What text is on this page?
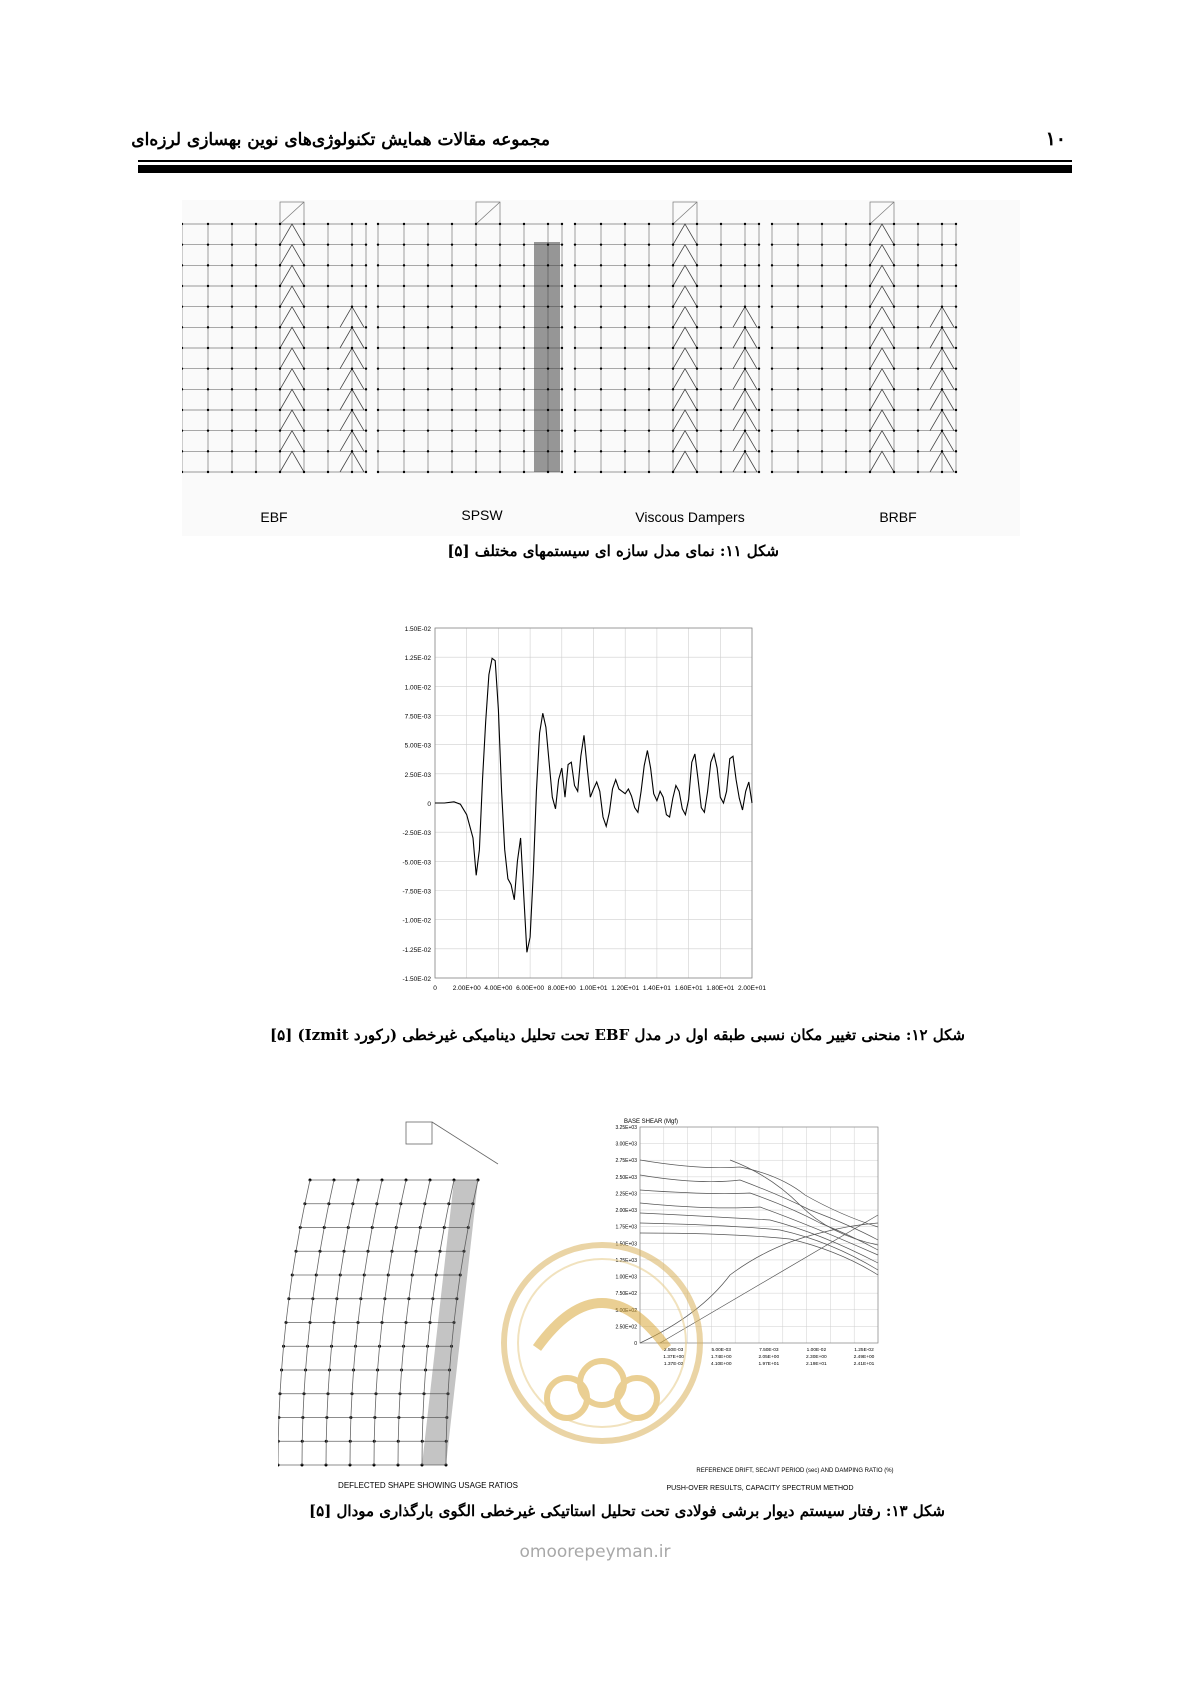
مجموعه مقالات همایش تکنولوژی‌های نوین بهسازی لرزه‌ای	۱۰
EBF	SPSW	Viscous Dampers	BRBF
شکل ۱۱: نمای مدل سازه ای سیستمهای مختلف [۵]
1.50E-02
1.25E-02
1.00E-02
7.50E-03
5.00E-03
2.50E-03
0
-2.50E-03
-5.00E-03
-7.50E-03
-1.00E-02
-1.25E-02
-1.50E-02
0 2.00E+00 4.00E+00 6.00E+00 8.00E+00 1.00E+01 1.20E+01 1.40E+01 1.60E+01 1.80E+01 2.00E+01
شکل ۱۲: منحنی تغییر مکان نسبی طبقه اول در مدل EBF تحت تحلیل دینامیکی غیرخطی (رکورد Izmit) [۵]
DEFLECTED SHAPE SHOWING USAGE RATIOS
BASE SHEAR (Mgf)
3.25E+03
3.00E+03
2.75E+03
2.50E+03
2.25E+03
2.00E+03
1.75E+03
1.50E+03
1.25E+03
1.00E+03
7.50E+02
5.00E+02
2.50E+02
0
2.50E-03	5.00E-03	7.50E-03	1.00E-02	1.25E-02
1.37E+00	1.74E+00	2.05E+00	2.30E+00	2.49E+00
1.37E-03	4.10E+00	1.97E+01	2.19E+01	2.41E+01
REFERENCE DRIFT, SECANT PERIOD (sec) AND DAMPING RATIO (%)
PUSH-OVER RESULTS, CAPACITY SPECTRUM METHOD
شکل ۱۳: رفتار سیستم دیوار برشی فولادی تحت تحلیل استاتیکی غیرخطی الگوی بارگذاری مودال [۵]
omoorepeyman.ir
